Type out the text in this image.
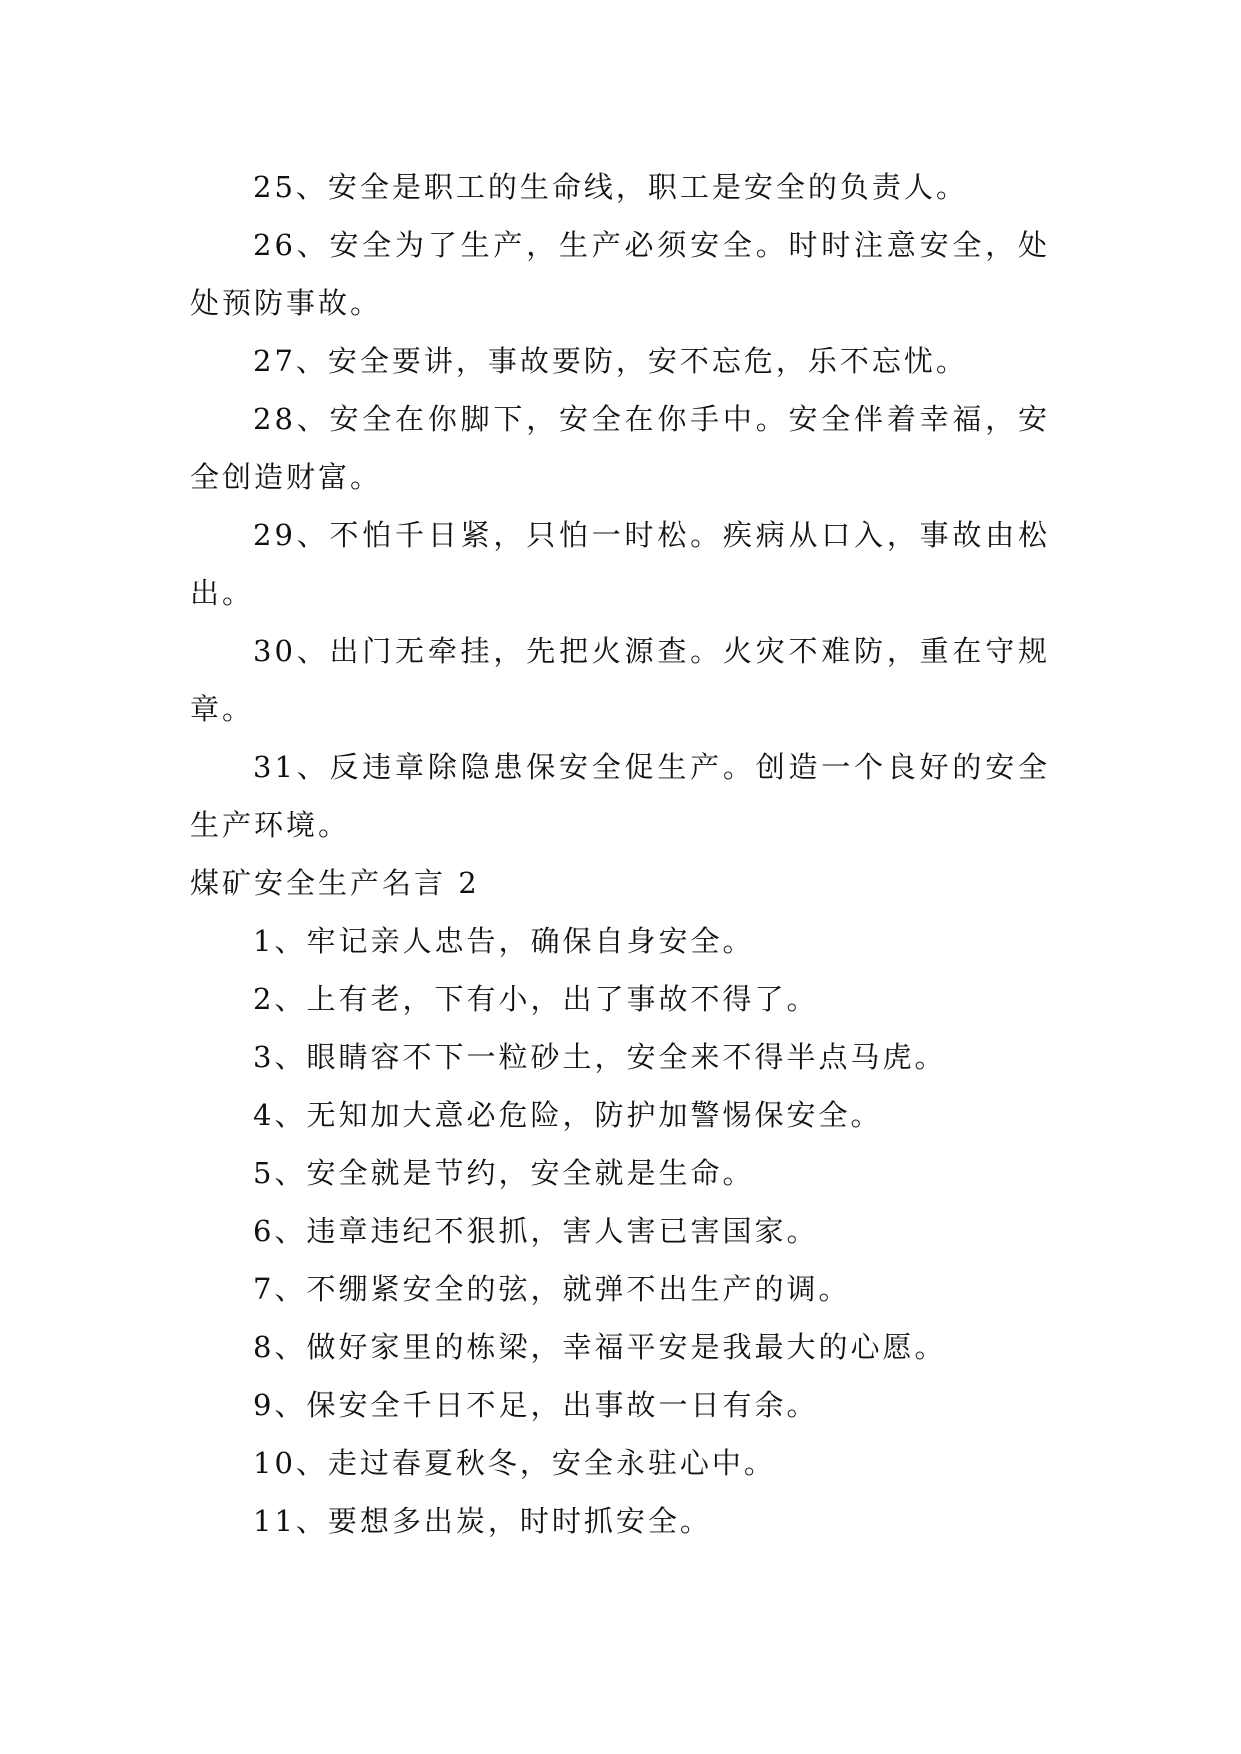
25、安全是职工的生命线，职工是安全的负责人。

26、安全为了生产，生产必须安全。时时注意安全，处处预防事故。

27、安全要讲，事故要防，安不忘危，乐不忘忧。

28、安全在你脚下，安全在你手中。安全伴着幸福，安全创造财富。

29、不怕千日紧，只怕一时松。疾病从口入，事故由松出。

30、出门无牵挂，先把火源查。火灾不难防，重在守规章。

31、反违章除隐患保安全促生产。创造一个良好的安全生产环境。

煤矿安全生产名言 2

1、牢记亲人忠告，确保自身安全。

2、上有老，下有小，出了事故不得了。

3、眼睛容不下一粒砂土，安全来不得半点马虎。

4、无知加大意必危险，防护加警惕保安全。

5、安全就是节约，安全就是生命。

6、违章违纪不狠抓，害人害已害国家。

7、不绷紧安全的弦，就弹不出生产的调。

8、做好家里的栋梁，幸福平安是我最大的心愿。

9、保安全千日不足，出事故一日有余。

10、走过春夏秋冬，安全永驻心中。

11、要想多出炭，时时抓安全。
